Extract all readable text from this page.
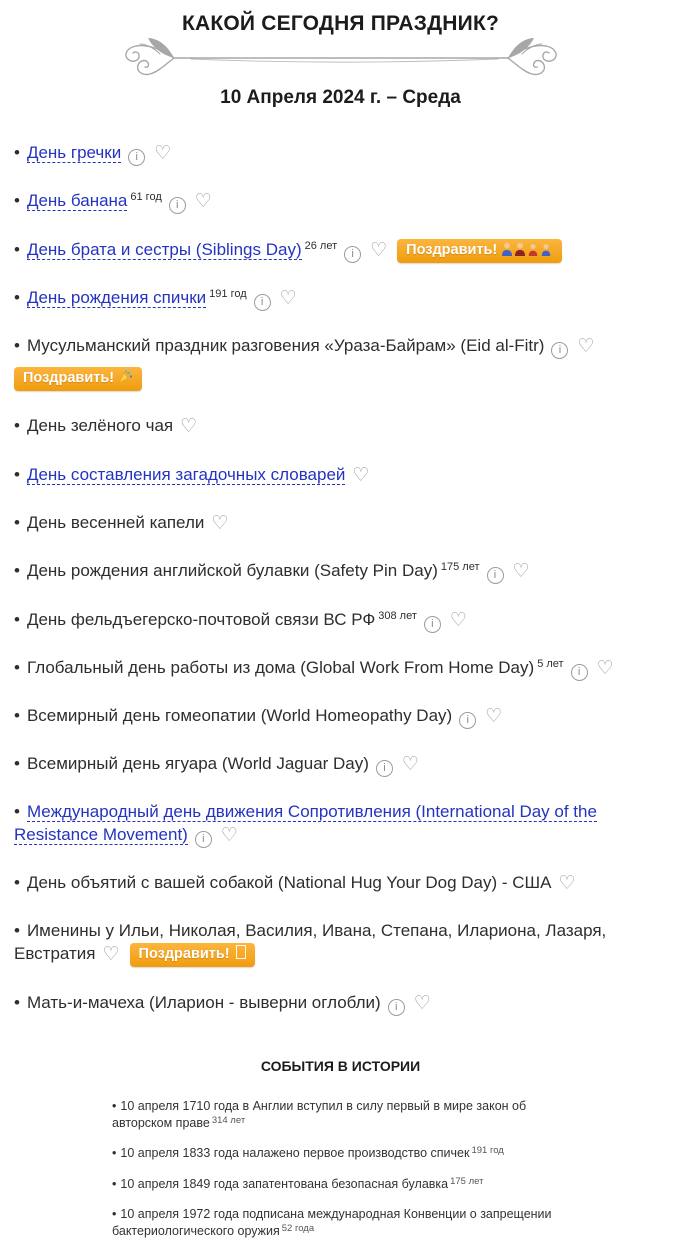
КАКОЙ СЕГОДНЯ ПРАЗДНИК?
10 Апреля 2024 г. – Среда
• День гречки i ♡
• День банана $^{61 год}$i ♡
• День брата и сестры (Siblings Day) $^{26 лет}$i ♡ Поздравить!
• День рождения спички $^{191 год}$i ♡
• Мусульманский праздник разговения «Ураза-Байрам» (Eid al-Fitr) i ♡
Поздравить!
• День зелёного чая ♡
• День составления загадочных словарей ♡
• День весенней капели ♡
• День рождения английской булавки (Safety Pin Day) $^{175 лет}$i ♡
• День фельдъегерско-почтовой связи ВС РФ $^{308 лет}$i ♡
• Глобальный день работы из дома (Global Work From Home Day) $^{5 лет}$i ♡
• Всемирный день гомеопатии (World Homeopathy Day) i ♡
• Всемирный день ягуара (World Jaguar Day) i ♡
• Международный день движения Сопротивления (International Day of the Resistance Movement) i ♡
• День объятий с вашей собакой (National Hug Your Dog Day) - США ♡
• Именины у Ильи, Николая, Василия, Ивана, Степана, Илариона, Лазаря, Евстратия ♡ Поздравить!
• Мать-и-мачеха (Иларион - выверни оглобли) i ♡
СОБЫТИЯ В ИСТОРИИ
• 10 апреля 1710 года в Англии вступил в силу первый в мире закон об авторском праве $^{314 лет}$
• 10 апреля 1833 года налажено первое производство спичек $^{191 год}$
• 10 апреля 1849 года запатентована безопасная булавка $^{175 лет}$
• 10 апреля 1972 года подписана международная Конвенции о запрещении бактериологического оружия $^{52 года}$
